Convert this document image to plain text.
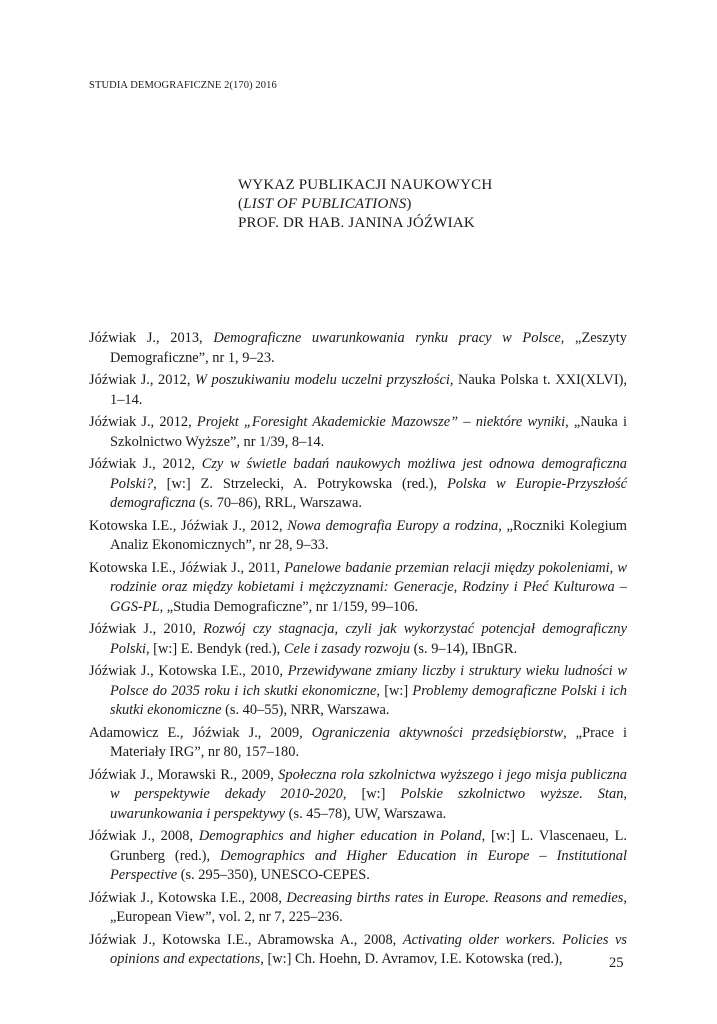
STUDIA DEMOGRAFICZNE 2(170) 2016
WYKAZ PUBLIKACJI NAUKOWYCH
(LIST OF PUBLICATIONS)
PROF. DR HAB. JANINA JÓŹWIAK
Jóźwiak J., 2013, Demograficzne uwarunkowania rynku pracy w Polsce, „Zeszyty Demograficzne”, nr 1, 9–23.
Jóźwiak J., 2012, W poszukiwaniu modelu uczelni przyszłości, Nauka Polska t. XXI(XLVI), 1–14.
Jóźwiak J., 2012, Projekt „Foresight Akademickie Mazowsze” – niektóre wyniki, „Nauka i Szkolnictwo Wyższe”, nr 1/39, 8–14.
Jóźwiak J., 2012, Czy w świetle badań naukowych możliwa jest odnowa demograficzna Polski?, [w:] Z. Strzelecki, A. Potrykowska (red.), Polska w Europie-Przyszłość demograficzna (s. 70–86), RRL, Warszawa.
Kotowska I.E., Jóźwiak J., 2012, Nowa demografia Europy a rodzina, „Roczniki Kolegium Analiz Ekonomicznych”, nr 28, 9–33.
Kotowska I.E., Jóźwiak J., 2011, Panelowe badanie przemian relacji między pokoleniami, w rodzinie oraz między kobietami i mężczyznami: Generacje, Rodziny i Płeć Kulturowa – GGS-PL, „Studia Demograficzne”, nr 1/159, 99–106.
Jóźwiak J., 2010, Rozwój czy stagnacja, czyli jak wykorzystać potencjał demograficzny Polski, [w:] E. Bendyk (red.), Cele i zasady rozwoju (s. 9–14), IBnGR.
Jóźwiak J., Kotowska I.E., 2010, Przewidywane zmiany liczby i struktury wieku ludności w Polsce do 2035 roku i ich skutki ekonomiczne, [w:] Problemy demograficzne Polski i ich skutki ekonomiczne (s. 40–55), NRR, Warszawa.
Adamowicz E., Jóźwiak J., 2009, Ograniczenia aktywności przedsiębiorstw, „Prace i Materiały IRG”, nr 80, 157–180.
Jóźwiak J., Morawski R., 2009, Społeczna rola szkolnictwa wyższego i jego misja publiczna w perspektywie dekady 2010-2020, [w:] Polskie szkolnictwo wyższe. Stan, uwarunkowania i perspektywy (s. 45–78), UW, Warszawa.
Jóźwiak J., 2008, Demographics and higher education in Poland, [w:] L. Vlascenaeu, L. Grunberg (red.), Demographics and Higher Education in Europe – Institutional Perspective (s. 295–350), UNESCO-CEPES.
Jóźwiak J., Kotowska I.E., 2008, Decreasing births rates in Europe. Reasons and remedies, „European View”, vol. 2, nr 7, 225–236.
Jóźwiak J., Kotowska I.E., Abramowska A., 2008, Activating older workers. Policies vs opinions and expectations, [w:] Ch. Hoehn, D. Avramov, I.E. Kotowska (red.),	25
